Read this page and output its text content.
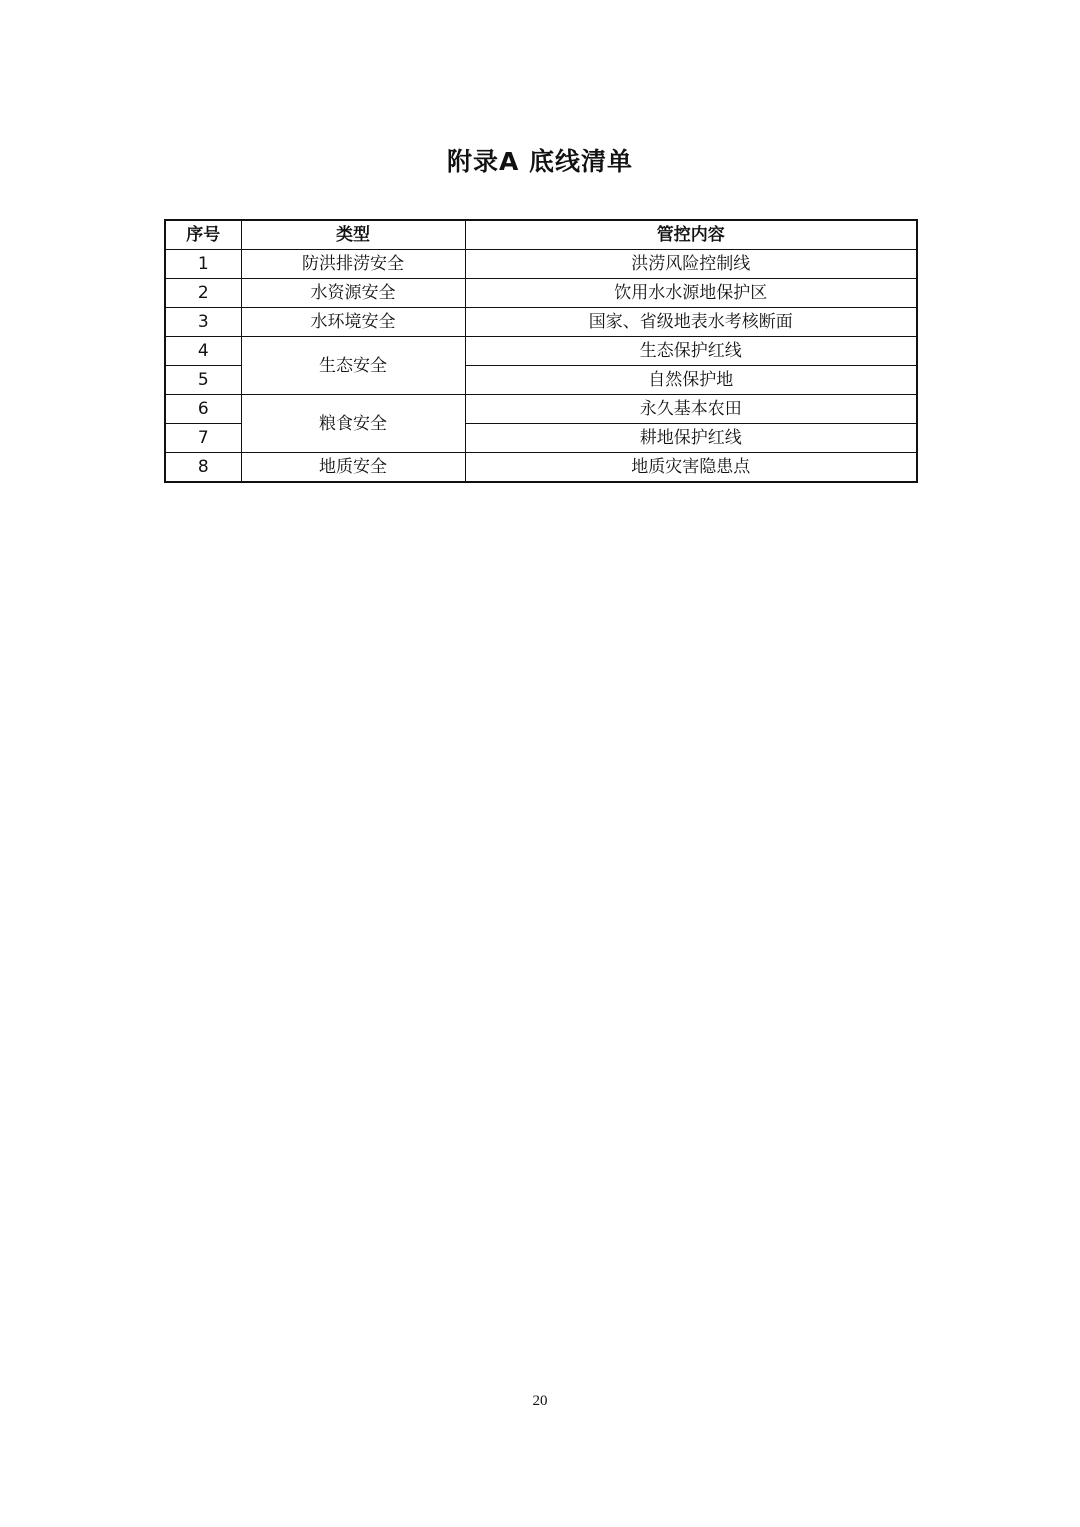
附录A 底线清单
序号	类型	管控内容
1	防洪排涝安全	洪涝风险控制线
2	水资源安全	饮用水水源地保护区
3	水环境安全	国家、省级地表水考核断面
4	生态安全	生态保护红线
5		自然保护地
6	粮食安全	永久基本农田
7		耕地保护红线
8	地质安全	地质灾害隐患点
20
